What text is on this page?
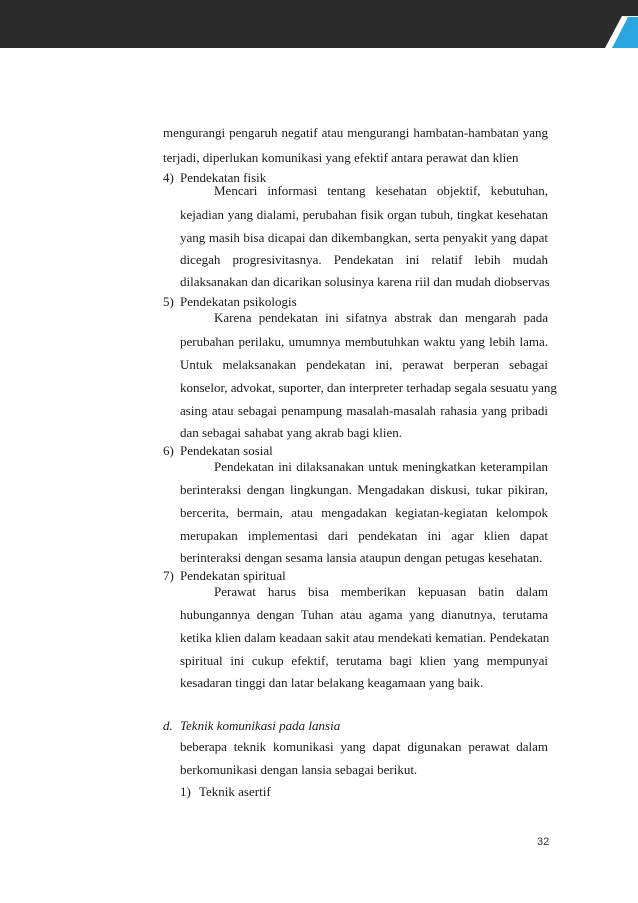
mengurangi pengaruh negatif atau mengurangi hambatan-hambatan yang
terjadi, diperlukan komunikasi yang efektif antara perawat dan klien
4) Pendekatan fisik
Mencari informasi tentang kesehatan objektif, kebutuhan,
kejadian yang dialami, perubahan fisik organ tubuh, tingkat kesehatan
yang masih bisa dicapai dan dikembangkan, serta penyakit yang dapat
dicegah progresivitasnya. Pendekatan ini relatif lebih mudah
dilaksanakan dan dicarikan solusinya karena riil dan mudah diobservas
5) Pendekatan psikologis
Karena pendekatan ini sifatnya abstrak dan mengarah pada
perubahan perilaku, umumnya membutuhkan waktu yang lebih lama.
Untuk melaksanakan pendekatan ini, perawat berperan sebagai
konselor, advokat, suporter, dan interpreter terhadap segala sesuatu yang
asing atau sebagai penampung masalah-masalah rahasia yang pribadi
dan sebagai sahabat yang akrab bagi klien.
6) Pendekatan sosial
Pendekatan ini dilaksanakan untuk meningkatkan keterampilan
berinteraksi dengan lingkungan. Mengadakan diskusi, tukar pikiran,
bercerita, bermain, atau mengadakan kegiatan-kegiatan kelompok
merupakan implementasi dari pendekatan ini agar klien dapat
berinteraksi dengan sesama lansia ataupun dengan petugas kesehatan.
7) Pendekatan spiritual
Perawat harus bisa memberikan kepuasan batin dalam
hubungannya dengan Tuhan atau agama yang dianutnya, terutama
ketika klien dalam keadaan sakit atau mendekati kematian. Pendekatan
spiritual ini cukup efektif, terutama bagi klien yang mempunyai
kesadaran tinggi dan latar belakang keagamaan yang baik.
d. Teknik komunikasi pada lansia
beberapa teknik komunikasi yang dapat digunakan perawat dalam
berkomunikasi dengan lansia sebagai berikut.
1) Teknik asertif
32
